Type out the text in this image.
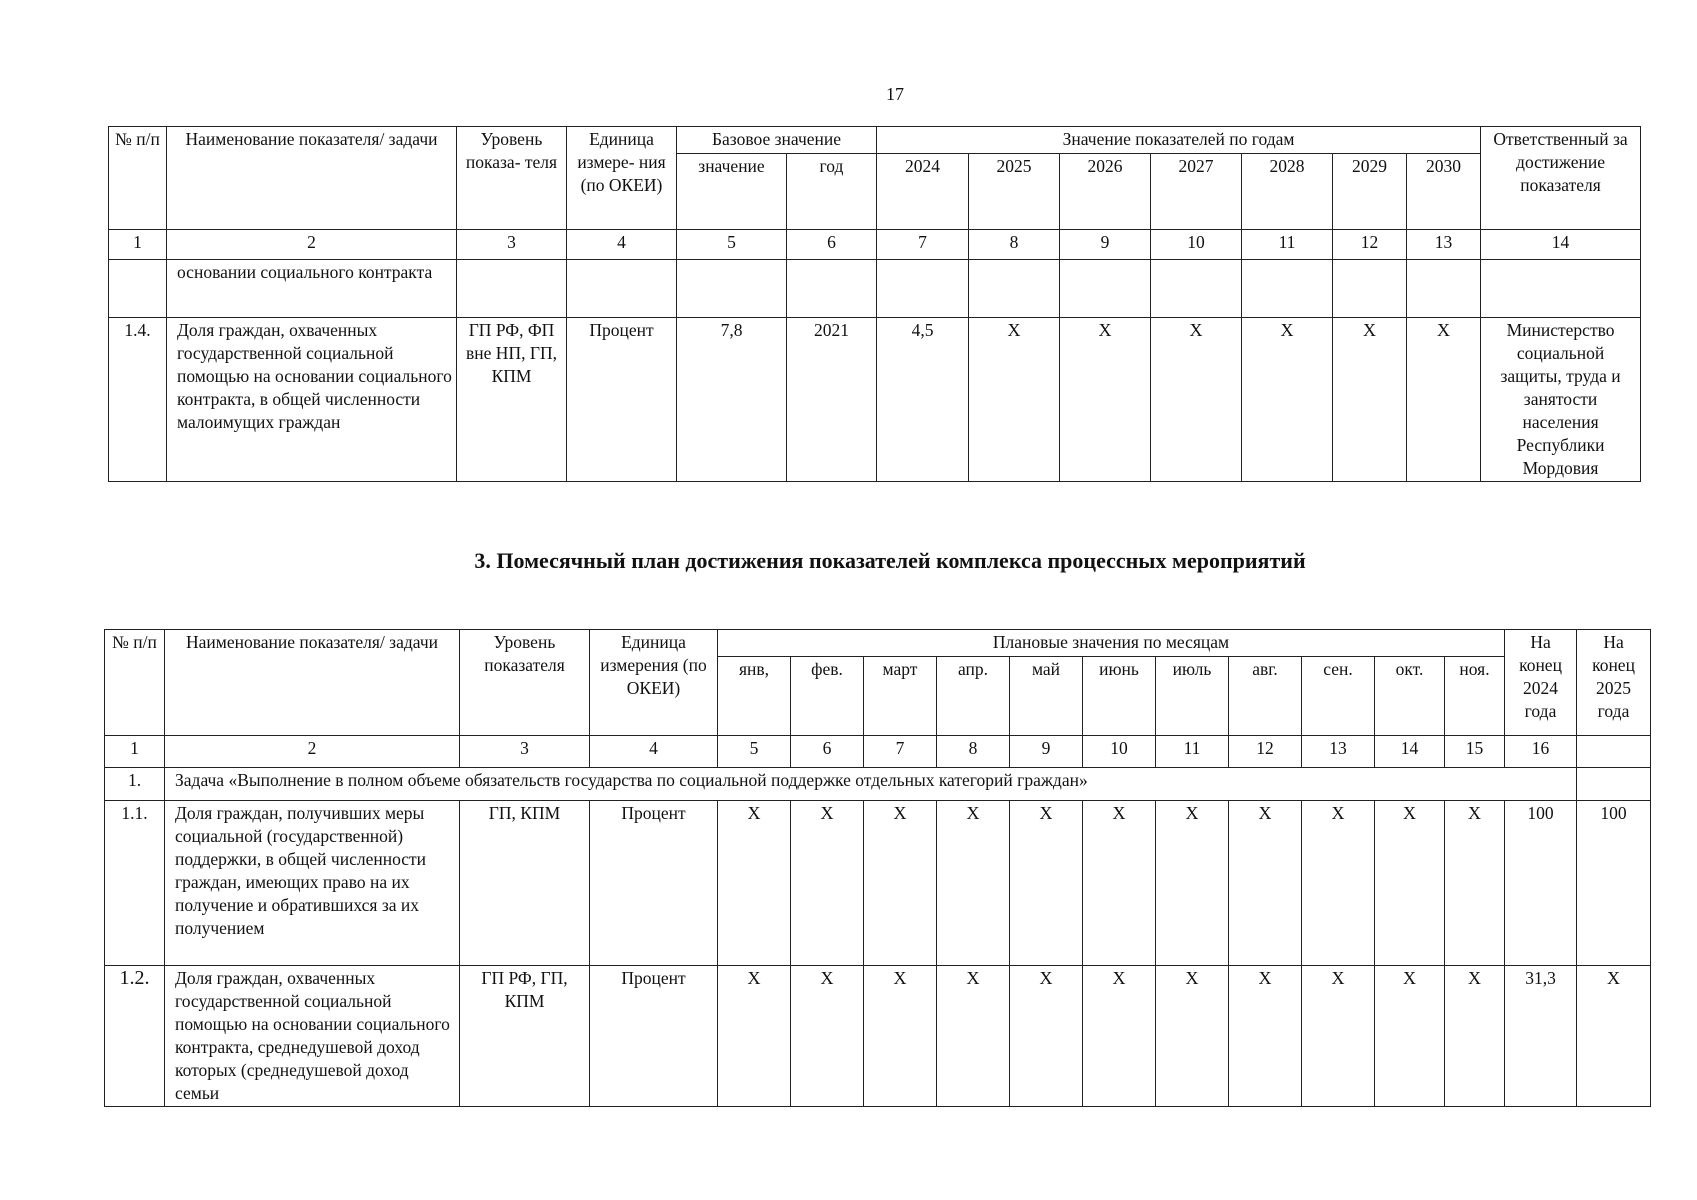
17
№ п/п	Наименование показателя/ задачи	Уровень показа- теля	Единица измере- ния (по ОКЕИ)	Базовое значение		Значение показателей по годам							Ответственный за достижение показателя
				значение	год	2024	2025	2026	2027	2028	2029	2030	
1	2	3	4	5	6	7	8	9	10	11	12	13	14
	основании социального контракта												
1.4.	Доля граждан, охваченных государственной социальной помощью на основании социального контракта, в общей численности малоимущих граждан	ГП РФ, ФП вне НП, ГП, КПМ	Процент	7,8	2021	4,5	X	X	X	X	X	X	Министерство социальной защиты, труда и занятости населения Республики Мордовия
3. Помесячный план достижения показателей комплекса процессных мероприятий
№ п/п	Наименование показателя/ задачи	Уровень показателя	Единица измерения (по ОКЕИ)	Плановые значения по месяцам											На конец 2024 года	На конец 2025 года
				янв,	фев.	март	апр.	май	июнь	июль	авг.	сен.	окт.	ноя.		
1	2	3	4	5	6	7	8	9	10	11	12	13	14	15	16	
1.	Задача «Выполнение в полном объеме обязательств государства по социальной поддержке отдельных категорий граждан»															
1.1.	Доля граждан, получивших меры социальной (государственной) поддержки, в общей численности граждан, имеющих право на их получение и обратившихся за их получением	ГП, КПМ	Процент	X	X	X	X	X	X	X	X	X	X	X	100	100
1.2.	Доля граждан, охваченных государственной социальной помощью на основании социального контракта, среднедушевой доход которых (среднедушевой доход семьи	ГП РФ, ГП, КПМ	Процент	X	X	X	X	X	X	X	X	X	X	X	31,3	X
